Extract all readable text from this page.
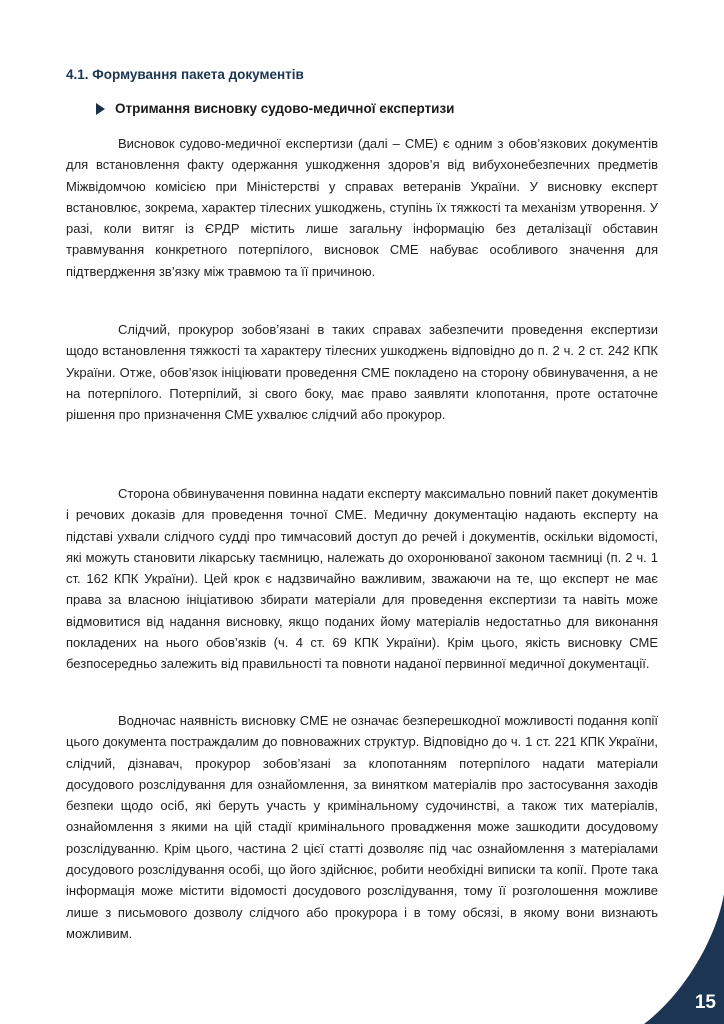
4.1. Формування пакета документів
Отримання висновку судово-медичної експертизи

Висновок судово-медичної експертизи (далі – СМЕ) є одним з обов’язкових документів для встановлення факту одержання ушкодження здоров’я від вибухонебезпечних предметів Міжвідомчою комісією при Міністерстві у справах ветеранів України. У висновку експерт встановлює, зокрема, характер тілесних ушкоджень, ступінь їх тяжкості та механізм утворення. У разі, коли витяг із ЄРДР містить лише загальну інформацію без деталізації обставин травмування конкретного потерпілого, висновок СМЕ набуває особливого значення для підтвердження зв’язку між травмою та її причиною.

Слідчий, прокурор зобов’язані в таких справах забезпечити проведення експертизи щодо встановлення тяжкості та характеру тілесних ушкоджень відповідно до п. 2 ч. 2 ст. 242 КПК України. Отже, обов’язок ініціювати проведення СМЕ покладено на сторону обвинувачення, а не на потерпілого. Потерпілий, зі свого боку, має право заявляти клопотання, проте остаточне рішення про призначення СМЕ ухвалює слідчий або прокурор.

Сторона обвинувачення повинна надати експерту максимально повний пакет документів і речових доказів для проведення точної СМЕ. Медичну документацію надають експерту на підставі ухвали слідчого судді про тимчасовий доступ до речей і документів, оскільки відомості, які можуть становити лікарську таємницю, належать до охоронюваної законом таємниці (п. 2 ч. 1 ст. 162 КПК України). Цей крок є надзвичайно важливим, зважаючи на те, що експерт не має права за власною ініціативою збирати матеріали для проведення експертизи та навіть може відмовитися від надання висновку, якщо поданих йому матеріалів недостатньо для виконання покладених на нього обов’язків (ч. 4 ст. 69 КПК України). Крім цього, якість висновку СМЕ безпосередньо залежить від правильності та повноти наданої первинної медичної документації.

Водночас наявність висновку СМЕ не означає безперешкодної можливості подання копії цього документа постраждалим до повноважних структур. Відповідно до ч. 1 ст. 221 КПК України, слідчий, дізнавач, прокурор зобов’язані за клопотанням потерпілого надати матеріали досудового розслідування для ознайомлення, за винятком матеріалів про застосування заходів безпеки щодо осіб, які беруть участь у кримінальному судочинстві, а також тих матеріалів, ознайомлення з якими на цій стадії кримінального провадження може зашкодити досудовому розслідуванню. Крім цього, частина 2 цієї статті дозволяє під час ознайомлення з матеріалами досудового розслідування особі, що його здійснює, робити необхідні виписки та копії. Проте така інформація може містити відомості досудового розслідування, тому її розголошення можливе лише з письмового дозволу слідчого або прокурора і в тому обсязі, в якому вони визнають можливим.

15
